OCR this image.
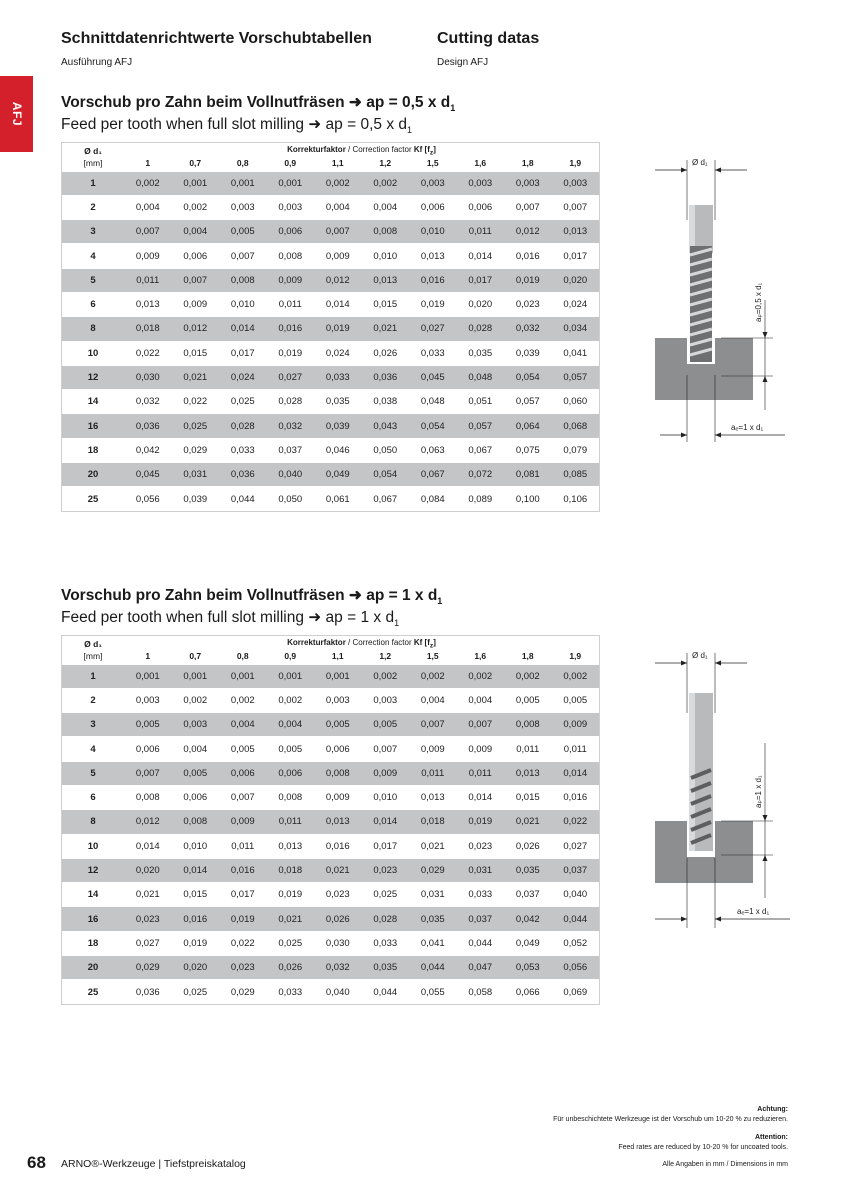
Schnittdatenrichtwerte Vorschubtabellen
Ausführung AFJ
Cutting datas
Design AFJ
AFJ Vorschub pro Zahn beim Vollnutfräsen ➜ ap = 0,5 x $d_1$
Feed per tooth when full slot milling ➜ ap = 0,5 x $d_1$
Ø d₁	Korrekturfaktor / Correction factor Kf $[f_z]$									
[mm]	1	0,7	0,8	0,9	1,1	1,2	1,5	1,6	1,8	1,9
1	0,002	0,001	0,001	0,001	0,002	0,002	0,003	0,003	0,003	0,003
2	0,004	0,002	0,003	0,003	0,004	0,004	0,006	0,006	0,007	0,007
3	0,007	0,004	0,005	0,006	0,007	0,008	0,010	0,011	0,012	0,013
4	0,009	0,006	0,007	0,008	0,009	0,010	0,013	0,014	0,016	0,017
5	0,011	0,007	0,008	0,009	0,012	0,013	0,016	0,017	0,019	0,020
6	0,013	0,009	0,010	0,011	0,014	0,015	0,019	0,020	0,023	0,024
8	0,018	0,012	0,014	0,016	0,019	0,021	0,027	0,028	0,032	0,034
10	0,022	0,015	0,017	0,019	0,024	0,026	0,033	0,035	0,039	0,041
12	0,030	0,021	0,024	0,027	0,033	0,036	0,045	0,048	0,054	0,057
14	0,032	0,022	0,025	0,028	0,035	0,038	0,048	0,051	0,057	0,060
16	0,036	0,025	0,028	0,032	0,039	0,043	0,054	0,057	0,064	0,068
18	0,042	0,029	0,033	0,037	0,046	0,050	0,063	0,067	0,075	0,079
20	0,045	0,031	0,036	0,040	0,049	0,054	0,067	0,072	0,081	0,085
25	0,056	0,039	0,044	0,050	0,061	0,067	0,084	0,089	0,100	0,106
Ø d₁
aₚ=0,5 x d₁
aₑ=1 x d₁
Vorschub pro Zahn beim Vollnutfräsen ➜ ap = 1 x $d_1$
Feed per tooth when full slot milling ➜ ap = 1 x $d_1$
Ø d₁	Korrekturfaktor / Correction factor Kf $[f_z]$									
[mm]	1	0,7	0,8	0,9	1,1	1,2	1,5	1,6	1,8	1,9
1	0,001	0,001	0,001	0,001	0,001	0,002	0,002	0,002	0,002	0,002
2	0,003	0,002	0,002	0,002	0,003	0,003	0,004	0,004	0,005	0,005
3	0,005	0,003	0,004	0,004	0,005	0,005	0,007	0,007	0,008	0,009
4	0,006	0,004	0,005	0,005	0,006	0,007	0,009	0,009	0,011	0,011
5	0,007	0,005	0,006	0,006	0,008	0,009	0,011	0,011	0,013	0,014
6	0,008	0,006	0,007	0,008	0,009	0,010	0,013	0,014	0,015	0,016
8	0,012	0,008	0,009	0,011	0,013	0,014	0,018	0,019	0,021	0,022
10	0,014	0,010	0,011	0,013	0,016	0,017	0,021	0,023	0,026	0,027
12	0,020	0,014	0,016	0,018	0,021	0,023	0,029	0,031	0,035	0,037
14	0,021	0,015	0,017	0,019	0,023	0,025	0,031	0,033	0,037	0,040
16	0,023	0,016	0,019	0,021	0,026	0,028	0,035	0,037	0,042	0,044
18	0,027	0,019	0,022	0,025	0,030	0,033	0,041	0,044	0,049	0,052
20	0,029	0,020	0,023	0,026	0,032	0,035	0,044	0,047	0,053	0,056
25	0,036	0,025	0,029	0,033	0,040	0,044	0,055	0,058	0,066	0,069
Ø d₁
aₚ=1 x d₁
aₑ=1 x d₁
Achtung:
Für unbeschichtete Werkzeuge ist der Vorschub um 10-20 % zu reduzieren.
Attention:
Feed rates are reduced by 10-20 % for uncoated tools.
68 ARNO®-Werkzeuge | Tiefstpreiskatalog	Alle Angaben in mm / Dimensions in mm
